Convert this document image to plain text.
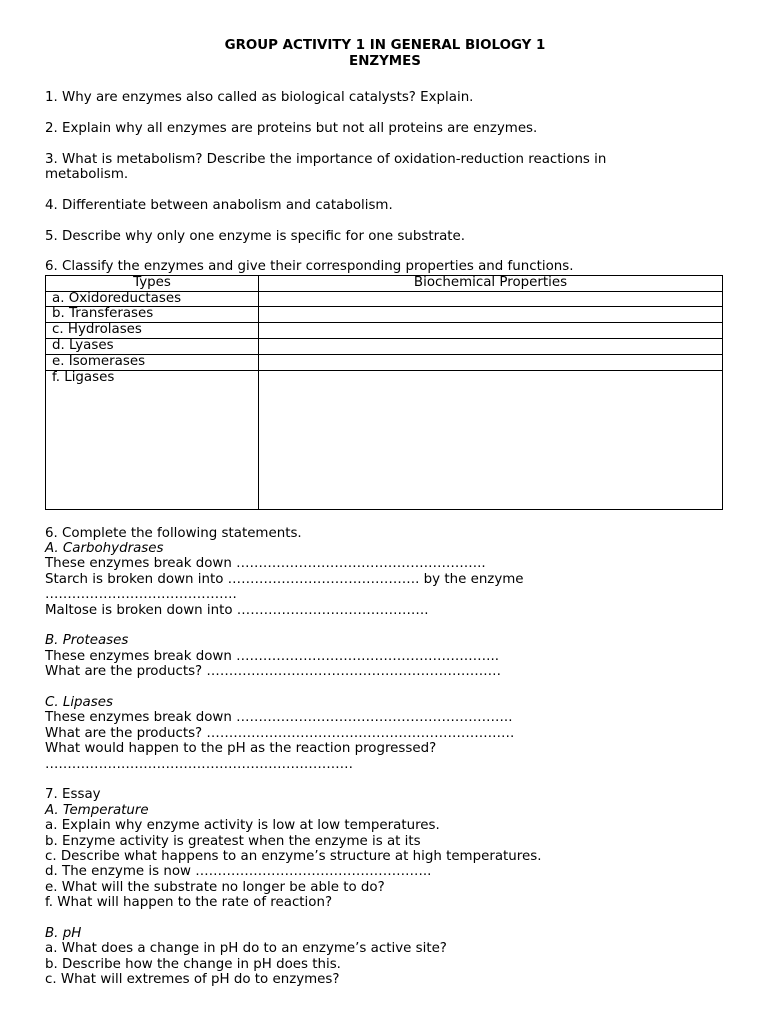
GROUP ACTIVITY 1 IN GENERAL BIOLOGY 1
ENZYMES

1. Why are enzymes also called as biological catalysts? Explain.

2. Explain why all enzymes are proteins but not all proteins are enzymes.

3. What is metabolism? Describe the importance of oxidation-reduction reactions in

metabolism.

4. Differentiate between anabolism and catabolism.

5. Describe why only one enzyme is specific for one substrate.

6. Classify the enzymes and give their corresponding properties and functions.

Types	Biochemical Properties
a. Oxidoreductases	
b. Transferases	
c. Hydrolases	
d. Lyases	
e. Isomerases	
f. Ligases	

6. Complete the following statements.

A. Carbohydrases

These enzymes break down ………………………………………………..

Starch is broken down into ……………………………………. by the enzyme

…………………………………….

Maltose is broken down into …………………………………….

B. Proteases

These enzymes break down …………………………………………………..

What are the products? …………………………………………………………

C. Lipases

These enzymes break down ……………………………………………………..

What are the products? ……………………………………………………………

What would happen to the pH as the reaction progressed?

……………………………………………………………

7. Essay

A. Temperature

a. Explain why enzyme activity is low at low temperatures.

b. Enzyme activity is greatest when the enzyme is at its

c. Describe what happens to an enzyme’s structure at high temperatures.

d. The enzyme is now ……………………………………………..

e. What will the substrate no longer be able to do?

f. What will happen to the rate of reaction?

B. pH

a. What does a change in pH do to an enzyme’s active site?

b. Describe how the change in pH does this.

c. What will extremes of pH do to enzymes?
